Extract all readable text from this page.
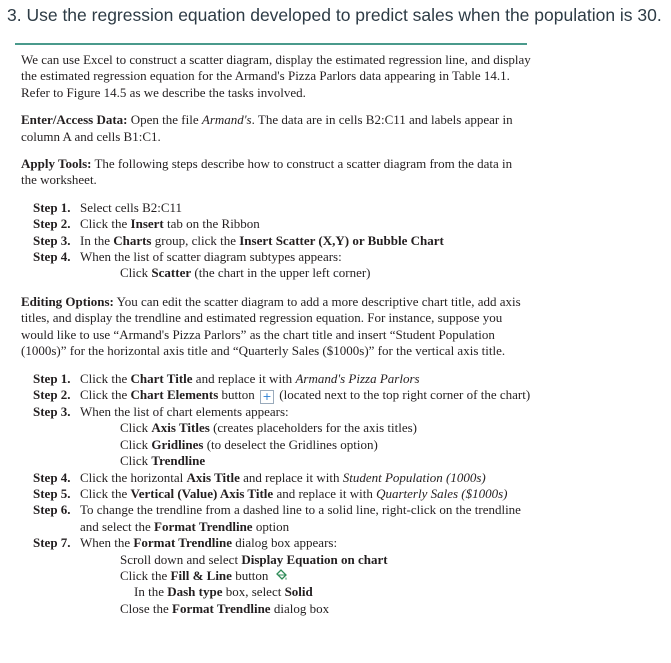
3. Use the regression equation developed to predict sales when the population is 30.

We can use Excel to construct a scatter diagram, display the estimated regression line, and display the estimated regression equation for the Armand's Pizza Parlors data appearing in Table 14.1. Refer to Figure 14.5 as we describe the tasks involved.

Enter/Access Data: Open the file Armand's. The data are in cells B2:C11 and labels appear in column A and cells B1:C1.

Apply Tools: The following steps describe how to construct a scatter diagram from the data in the worksheet.

Step 1. Select cells B2:C11
Step 2. Click the Insert tab on the Ribbon
Step 3. In the Charts group, click the Insert Scatter (X,Y) or Bubble Chart
Step 4. When the list of scatter diagram subtypes appears:
Click Scatter (the chart in the upper left corner)

Editing Options: You can edit the scatter diagram to add a more descriptive chart title, add axis titles, and display the trendline and estimated regression equation. For instance, suppose you would like to use “Armand's Pizza Parlors” as the chart title and insert “Student Population (1000s)” for the horizontal axis title and “Quarterly Sales ($1000s)” for the vertical axis title.

Step 1. Click the Chart Title and replace it with Armand's Pizza Parlors
Step 2. Click the Chart Elements button + (located next to the top right corner of the chart)
Step 3. When the list of chart elements appears:
Click Axis Titles (creates placeholders for the axis titles)
Click Gridlines (to deselect the Gridlines option)
Click Trendline
Step 4. Click the horizontal Axis Title and replace it with Student Population (1000s)
Step 5. Click the Vertical (Value) Axis Title and replace it with Quarterly Sales ($1000s)
Step 6. To change the trendline from a dashed line to a solid line, right-click on the trendline and select the Format Trendline option
Step 7. When the Format Trendline dialog box appears:
Scroll down and select Display Equation on chart
Click the Fill & Line button
In the Dash type box, select Solid
Close the Format Trendline dialog box
